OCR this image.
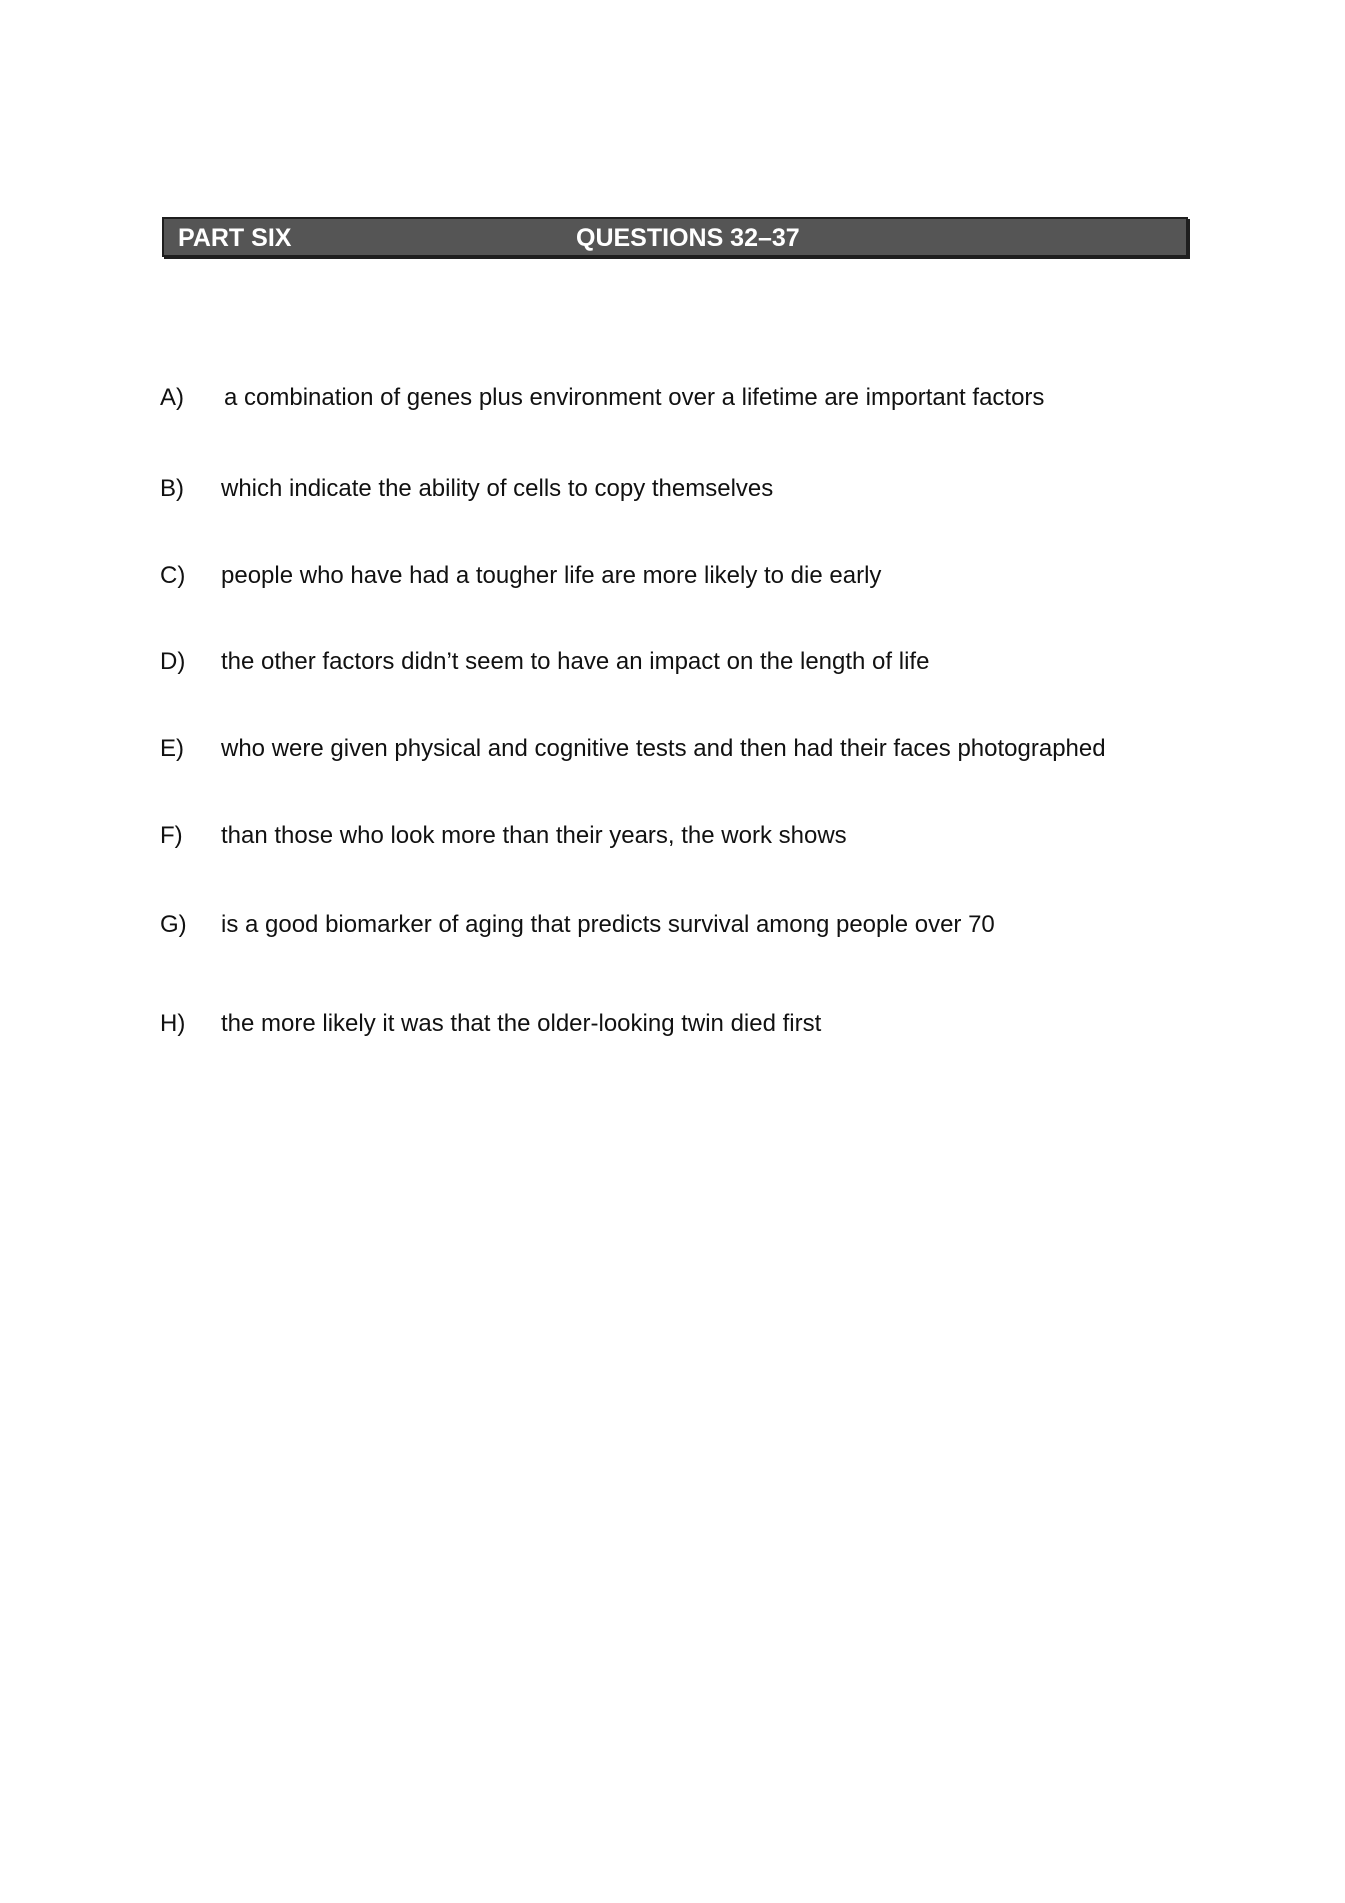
PART SIX	QUESTIONS 32–37
A) a combination of genes plus environment over a lifetime are important factors
B) which indicate the ability of cells to copy themselves
C) people who have had a tougher life are more likely to die early
D) the other factors didn’t seem to have an impact on the length of life
E) who were given physical and cognitive tests and then had their faces photographed
F) than those who look more than their years, the work shows
G) is a good biomarker of aging that predicts survival among people over 70
H) the more likely it was that the older-looking twin died first
